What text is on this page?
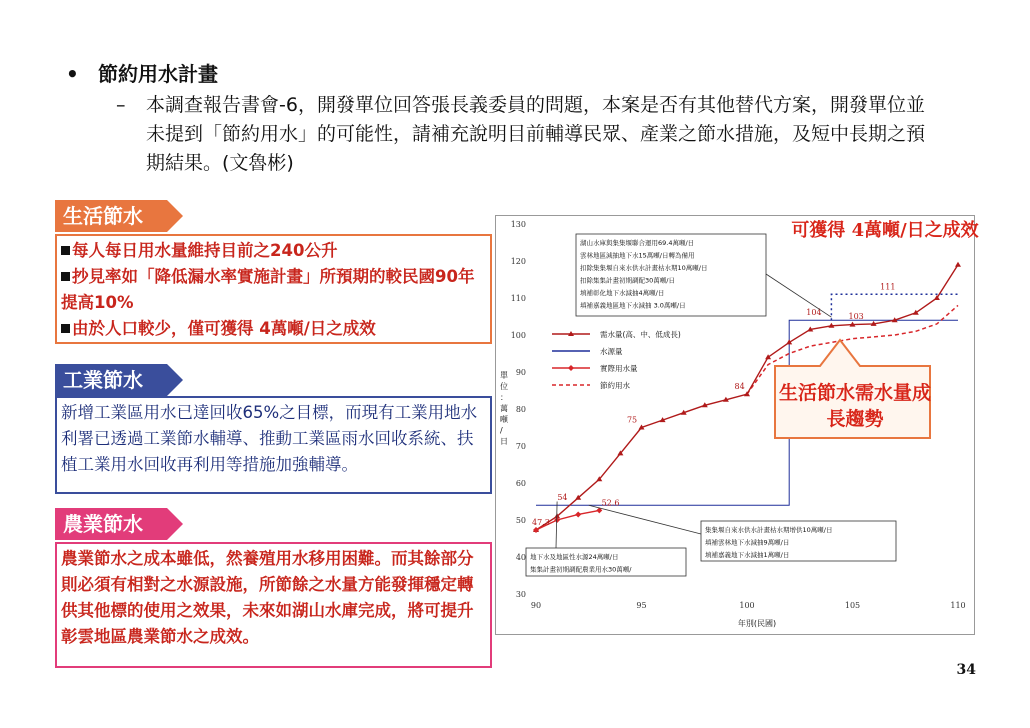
• 節約用水計畫
– 本調查報告書會-6，開發單位回答張長義委員的問題，本案是否有其他替代方案，開發單位並未提到「節約用水」的可能性，請補充說明目前輔導民眾、產業之節水措施，及短中長期之預期結果。(文魯彬)
生活節水
每人每日用水量維持目前之240公升
抄見率如「降低漏水率實施計畫」所預期的較民國90年提高10%
由於人口較少，僅可獲得 4萬噸/日之成效
工業節水
新增工業區用水已達回收65%之目標，而現有工業用地水利署已透過工業節水輔導、推動工業區雨水回收系統、扶植工業用水回收再利用等措施加強輔導。
農業節水
農業節水之成本雖低，然養殖用水移用困難。而其餘部分則必須有相對之水源設施，所節餘之水量方能發揮穩定轉供其他標的使用之效果，未來如湖山水庫完成，將可提升彰雲地區農業節水之成效。
30
40
50
60
70
80
90
100
110
120
130
90	95	100	105	110
年別(民國)
單
位
：
萬
噸
/
日
47.3
54
52.6
75
84
104	103
111
需水量(高、中、低成長)
水源量
實際用水量
節約用水
湖山水庫與集集堰聯合運用69.4萬噸/日
雲林地區減抽地下水15萬噸/日轉為備用
扣除集集堰自來水供水計畫枯水期10萬噸/日
扣除集集計畫初期調配30萬噸/日
填補彰化地下水減抽4萬噸/日
填補嘉義地區地下水減抽 3.0萬噸/日
集集堰自來水供水計畫枯水期增供10萬噸/日
填補雲林地下水減抽9萬噸/日
填補嘉義地下水減抽1萬噸/日
地下水及地區性水源24萬噸/日
集集計畫初期調配農業用水30萬噸/
可獲得 4萬噸/日之成效
生活節水需水量成長趨勢
34
